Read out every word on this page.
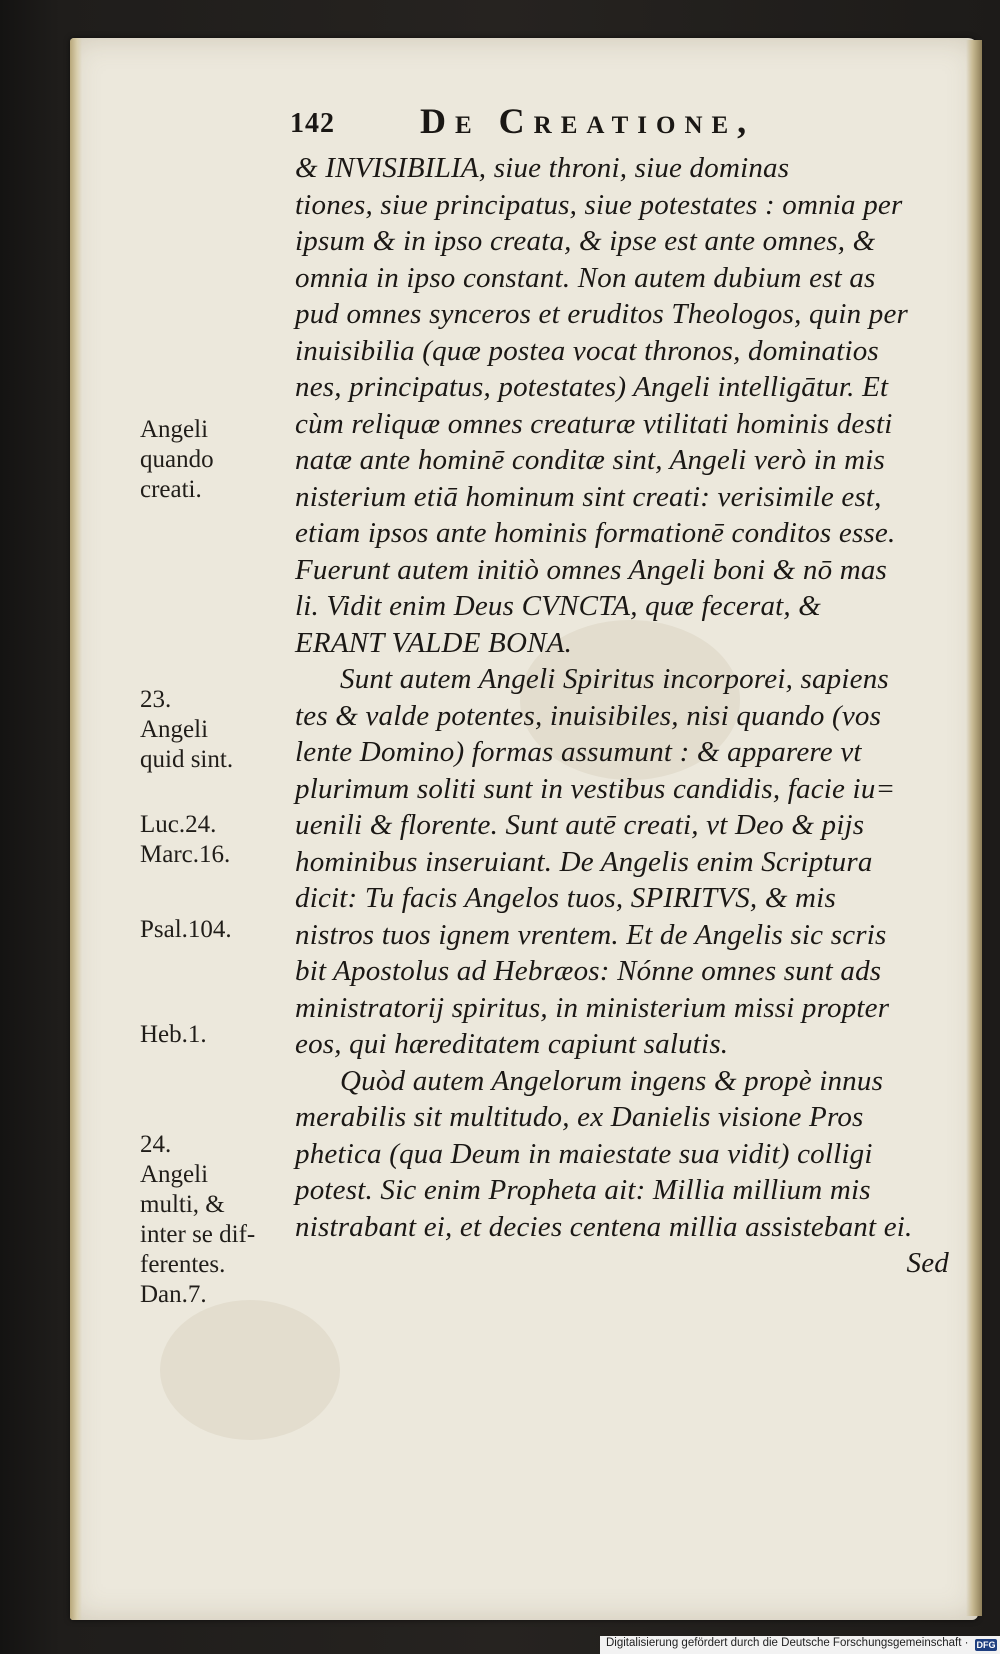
142 De Creatione,
& INVISIBILIA, siue throni, siue dominas
tiones, siue principatus, siue potestates : omnia per
ipsum & in ipso creata, & ipse est ante omnes, &
omnia in ipso constant. Non autem dubium est as
pud omnes synceros et eruditos Theologos, quin per
inuisibilia (quæ postea vocat thronos, dominatios
nes, principatus, potestates) Angeli intelligātur. Et
cùm reliquæ omnes creaturæ vtilitati hominis desti
natæ ante hominē conditæ sint, Angeli verò in mis
nisterium etiā hominum sint creati: verisimile est,
etiam ipsos ante hominis formationē conditos esse.
Fuerunt autem initiò omnes Angeli boni & nō mas
li. Vidit enim Deus CVNCTA, quæ fecerat, &
ERANT VALDE BONA.
Sunt autem Angeli Spiritus incorporei, sapiens
tes & valde potentes, inuisibiles, nisi quando (vos
lente Domino) formas assumunt : & apparere vt
plurimum soliti sunt in vestibus candidis, facie iu=
uenili & florente. Sunt autē creati, vt Deo & pijs
hominibus inseruiant. De Angelis enim Scriptura
dicit: Tu facis Angelos tuos, SPIRITVS, & mis
nistros tuos ignem vrentem. Et de Angelis sic scris
bit Apostolus ad Hebræos: Nónne omnes sunt ads
ministratorij spiritus, in ministerium missi propter
eos, qui hæreditatem capiunt salutis.
Quòd autem Angelorum ingens & propè innus
merabilis sit multitudo, ex Danielis visione Pros
phetica (qua Deum in maiestate sua vidit) colligi
potest. Sic enim Propheta ait: Millia millium mis
nistrabant ei, et decies centena millia assistebant ei.
Sed
Angeli
quando
creati.
23.
Angeli
quid sint.
Luc.24.
Marc.16.
Psal.104.
Heb.1.
24.
Angeli
multi, &
inter se dif-
ferentes.
Dan.7.
Digitalisierung gefördert durch die Deutsche Forschungsgemeinschaft · DFG
